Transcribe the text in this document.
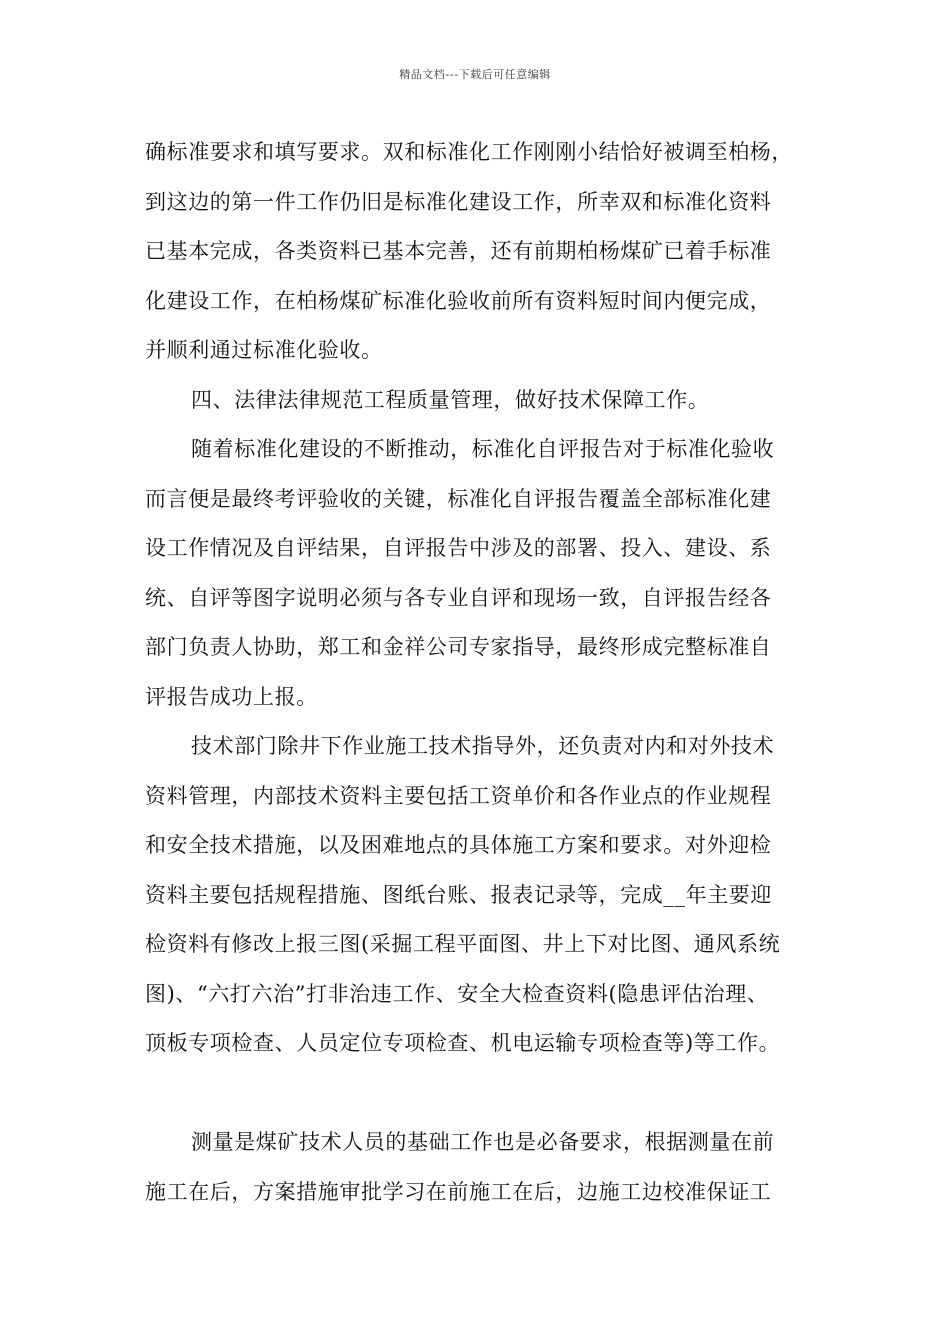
精品文档---下载后可任意编辑
确标准要求和填写要求。双和标准化工作刚刚小结恰好被调至柏杨，
到这边的第一件工作仍旧是标准化建设工作，所幸双和标准化资料
已基本完成，各类资料已基本完善，还有前期柏杨煤矿已着手标准
化建设工作，在柏杨煤矿标准化验收前所有资料短时间内便完成，
并顺利通过标准化验收。
四、法律法律规范工程质量管理，做好技术保障工作。
随着标准化建设的不断推动，标准化自评报告对于标准化验收
而言便是最终考评验收的关键，标准化自评报告覆盖全部标准化建
设工作情况及自评结果，自评报告中涉及的部署、投入、建设、系
统、自评等图字说明必须与各专业自评和现场一致，自评报告经各
部门负责人协助，郑工和金祥公司专家指导，最终形成完整标准自
评报告成功上报。
技术部门除井下作业施工技术指导外，还负责对内和对外技术
资料管理，内部技术资料主要包括工资单价和各作业点的作业规程
和安全技术措施，以及困难地点的具体施工方案和要求。对外迎检
资料主要包括规程措施、图纸台账、报表记录等，完成__年主要迎
检资料有修改上报三图(采掘工程平面图、井上下对比图、通风系统
图)、“六打六治”打非治违工作、安全大检查资料(隐患评估治理、
顶板专项检查、人员定位专项检查、机电运输专项检查等)等工作。
测量是煤矿技术人员的基础工作也是必备要求，根据测量在前
施工在后，方案措施审批学习在前施工在后，边施工边校准保证工
